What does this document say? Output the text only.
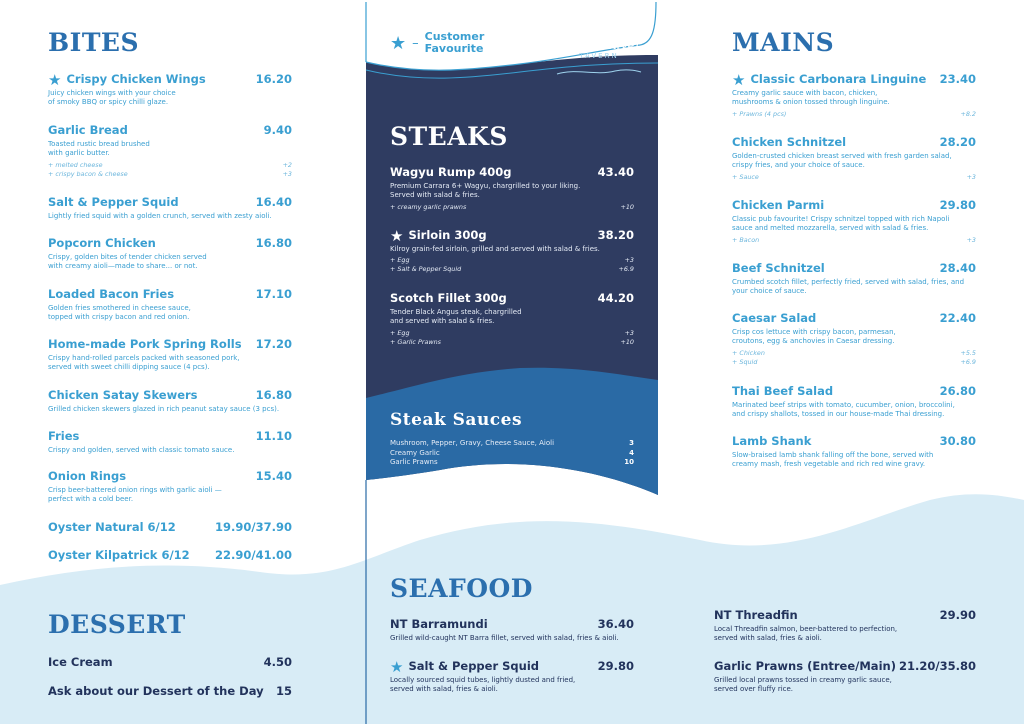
★ – Customer
Favourite	Darwin River
TAVERN
BITES	MAINS
STEAKS
Steak Sauces
DESSERT
SEAFOOD
★ Crispy Chicken Wings	16.20
Juicy chicken wings with your choice
of smoky BBQ or spicy chilli glaze.
Garlic Bread	9.40
Toasted rustic bread brushed
with garlic butter.
+ melted cheese	+2
+ crispy bacon & cheese	+3
Salt & Pepper Squid	16.40
Lightly fried squid with a golden crunch, served with zesty aioli.
Popcorn Chicken	16.80
Crispy, golden bites of tender chicken served
with creamy aioli—made to share... or not.
Loaded Bacon Fries	17.10
Golden fries smothered in cheese sauce,
topped with crispy bacon and red onion.
Home-made Pork Spring Rolls 17.20
Crispy hand-rolled parcels packed with seasoned pork,
served with sweet chilli dipping sauce (4 pcs).
Chicken Satay Skewers	16.80
Grilled chicken skewers glazed in rich peanut satay sauce (3 pcs).
Fries	11.10
Crispy and golden, served with classic tomato sauce.
Onion Rings	15.40
Crisp beer-battered onion rings with garlic aioli —
perfect with a cold beer.
Oyster Natural 6/12	19.90/37.90
Oyster Kilpatrick 6/12 22.90/41.00
★ Classic Carbonara Linguine 23.40
Creamy garlic sauce with bacon, chicken,
mushrooms & onion tossed through linguine.
+ Prawns (4 pcs)	+8.2
Chicken Schnitzel	28.20
Golden-crusted chicken breast served with fresh garden salad,
crispy fries, and your choice of sauce.
+ Sauce	+3
Chicken Parmi	29.80
Classic pub favourite! Crispy schnitzel topped with rich Napoli
sauce and melted mozzarella, served with salad & fries.
+ Bacon	+3
Beef Schnitzel	28.40
Crumbed scotch fillet, perfectly fried, served with salad, fries, and
your choice of sauce.
Caesar Salad	22.40
Crisp cos lettuce with crispy bacon, parmesan,
croutons, egg & anchovies in Caesar dressing.
+ Chicken	+5.5
+ Squid	+6.9
Thai Beef Salad	26.80
Marinated beef strips with tomato, cucumber, onion, broccolini,
and crispy shallots, tossed in our house-made Thai dressing.
Lamb Shank	30.80
Slow-braised lamb shank falling off the bone, served with
creamy mash, fresh vegetable and rich red wine gravy.
Wagyu Rump 400g	43.40
Premium Carrara 6+ Wagyu, chargrilled to your liking.
Served with salad & fries.
+ creamy garlic prawns	+10
★ Sirloin 300g	38.20
Kilroy grain-fed sirloin, grilled and served with salad & fries.
+ Egg	+3
+ Salt & Pepper Squid	+6.9
Scotch Fillet 300g	44.20
Tender Black Angus steak, chargrilled
and served with salad & fries.
+ Egg	+3
+ Garlic Prawns	+10
Mushroom, Pepper, Gravy, Cheese Sauce, Aioli	3
Creamy Garlic	4
Garlic Prawns	10
Ice Cream	4.50
Ask about our Dessert of the Day 15
NT Barramundi	36.40
Grilled wild-caught NT Barra fillet, served with salad, fries & aioli.
★ Salt & Pepper Squid	29.80
Locally sourced squid tubes, lightly dusted and fried,
served with salad, fries & aioli.
NT Threadfin	29.90
Local Threadfin salmon, beer-battered to perfection,
served with salad, fries & aioli.
Garlic Prawns (Entree/Main) 21.20/35.80
Grilled local prawns tossed in creamy garlic sauce,
served over fluffy rice.
